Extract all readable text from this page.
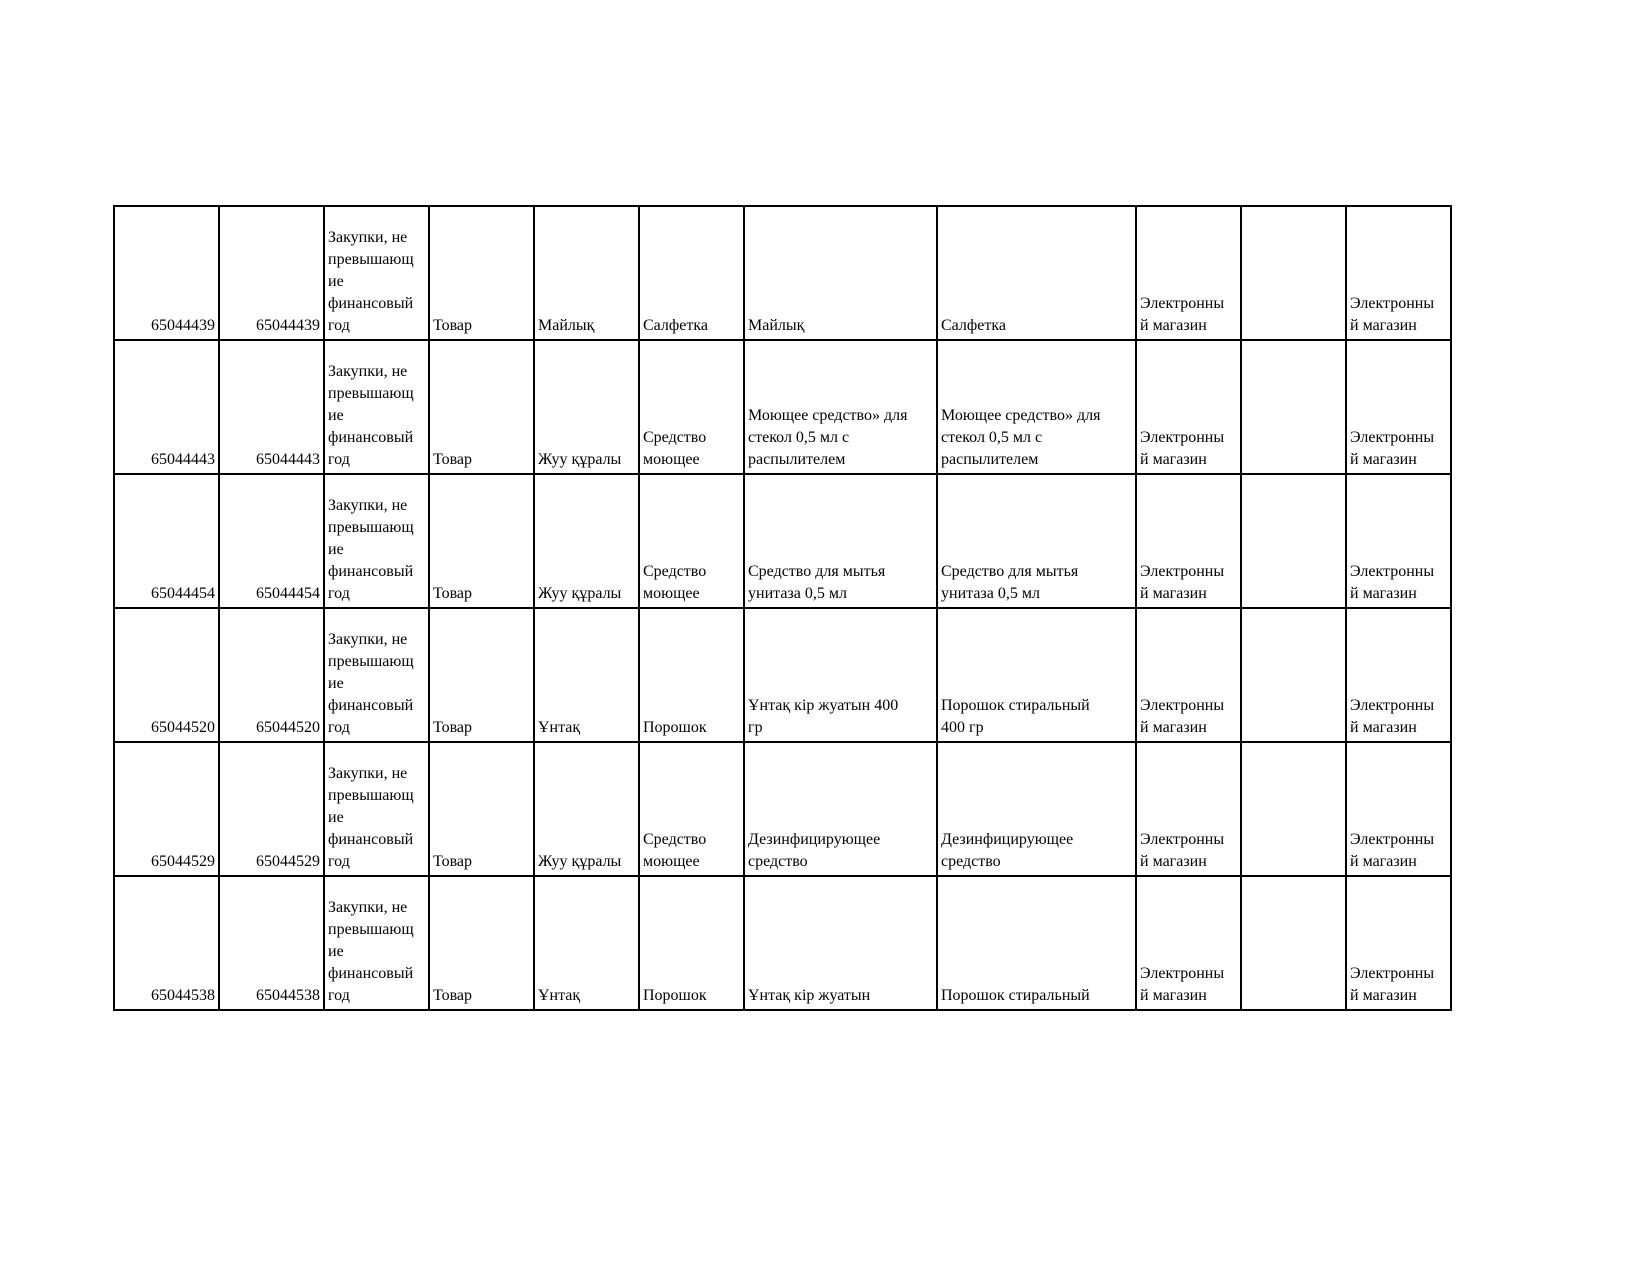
65044439	65044439	Закупки, не
превышающ
ие
финансовый
год	Товар	Майлық	Салфетка	Майлық	Салфетка	Электронны
й магазин		Электронны
й магазин
65044443	65044443	Закупки, не
превышающ
ие
финансовый
год	Товар	Жуу құралы	Средство
моющее	Моющее средство» для
стекол 0,5 мл с
распылителем	Моющее средство» для
стекол 0,5 мл с
распылителем	Электронны
й магазин		Электронны
й магазин
65044454	65044454	Закупки, не
превышающ
ие
финансовый
год	Товар	Жуу құралы	Средство
моющее	Средство для мытья
унитаза 0,5 мл	Средство для мытья
унитаза 0,5 мл	Электронны
й магазин		Электронны
й магазин
65044520	65044520	Закупки, не
превышающ
ие
финансовый
год	Товар	Ұнтақ	Порошок	Ұнтақ кір жуатын 400
гр	Порошок стиральный
400 гр	Электронны
й магазин		Электронны
й магазин
65044529	65044529	Закупки, не
превышающ
ие
финансовый
год	Товар	Жуу құралы	Средство
моющее	Дезинфицирующее
средство	Дезинфицирующее
средство	Электронны
й магазин		Электронны
й магазин
65044538	65044538	Закупки, не
превышающ
ие
финансовый
год	Товар	Ұнтақ	Порошок	Ұнтақ кір жуатын	Порошок стиральный	Электронны
й магазин		Электронны
й магазин
